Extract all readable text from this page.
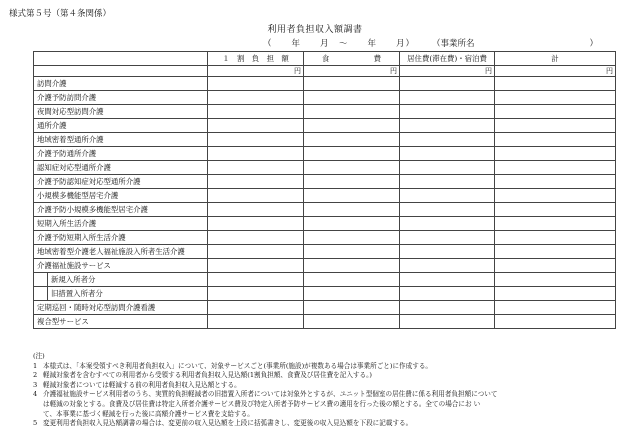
様式第５号（第４条関係）
利用者負担収入額調書
（　　年　　月　～　　年　　月） （事業所名	）
	１　割　負　担　額	食　　　　　　費	居住費(滞在費)・宿泊費	計
	円	円	円	円
訪問介護				
介護予防訪問介護				
夜間対応型訪問介護				
通所介護				
地域密着型通所介護				
介護予防通所介護				
認知症対応型通所介護				
介護予防認知症対応型通所介護				
小規模多機能型居宅介護				
介護予防小規模多機能型居宅介護				
短期入所生活介護				
介護予防短期入所生活介護				
地域密着型介護老人福祉施設入所者生活介護				
介護福祉施設サービス				
新規入所者分				
旧措置入所者分				
定期巡回・随時対応型訪問介護看護				
複合型サービス				
(注)
1 本様式は、「本案受領すべき利用者負担収入」について、対象サービスごと(事業所(施設)が複数ある場合は事業所ごと)に作成する。
2 軽減対象者を含むすべての利用者から受領する利用者負担収入見込額(1割負担額、食費及び居住費を記入する。)
3 軽減対象者については軽減する前の利用者負担収入見込額とする。
4 介護福祉施設サービス利用者のうち、実質的負担軽減者の旧措置入所者については対象外とするが、ユニット型個室の居住費に係る利用者負担額について
は軽減の対象とする。食費及び居住費は特定入所者介護サービス費及び特定入所者予防サービス費の適用を行った後の額とする。全ての場合にお い
て、本事業に基づく軽減を行った後に高額介護サービス費を支給する。
5 変更利用者負担収入見込額調書の場合は、変更前の収入見込額を上段に括弧書きし、変更後の収入見込額を下段に記載する。
